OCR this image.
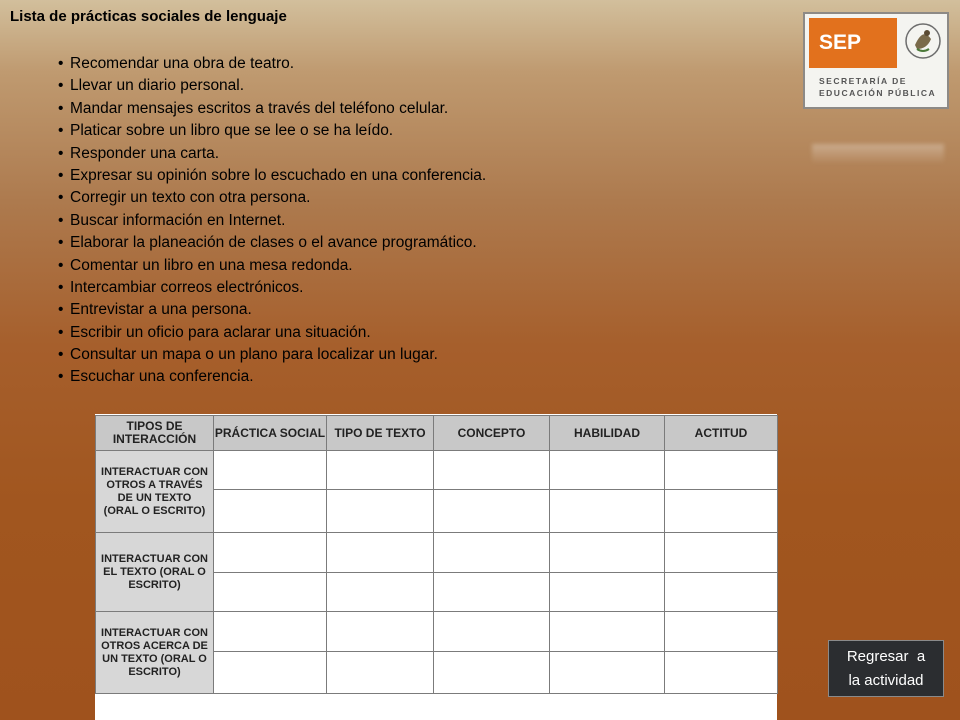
Lista de prácticas sociales de lenguaje
• Recomendar una obra de teatro.
• Llevar un diario personal.
• Mandar mensajes escritos a través del teléfono celular.
• Platicar sobre un libro que se lee o se ha leído.
• Responder una carta.
• Expresar su opinión sobre lo escuchado en una conferencia.
• Corregir un texto con otra persona.
• Buscar información en Internet.
• Elaborar la planeación de clases o el avance programático.
• Comentar un libro en una mesa redonda.
• Intercambiar correos electrónicos.
• Entrevistar a una persona.
• Escribir un oficio para aclarar una situación.
• Consultar un mapa o un plano para localizar un lugar.
• Escuchar una conferencia.
SEP
SECRETARÍA DE
EDUCACIÓN PÚBLICA
TIPOS DE INTERACCIÓN	PRÁCTICA SOCIAL	TIPO DE TEXTO	CONCEPTO	HABILIDAD	ACTITUD
INTERACTUAR CON OTROS A TRAVÉS DE UN TEXTO (ORAL O ESCRITO)					

INTERACTUAR CON EL TEXTO (ORAL O ESCRITO)					

INTERACTUAR CON OTROS ACERCA DE UN TEXTO (ORAL O ESCRITO)					

Regresar  a
la actividad
